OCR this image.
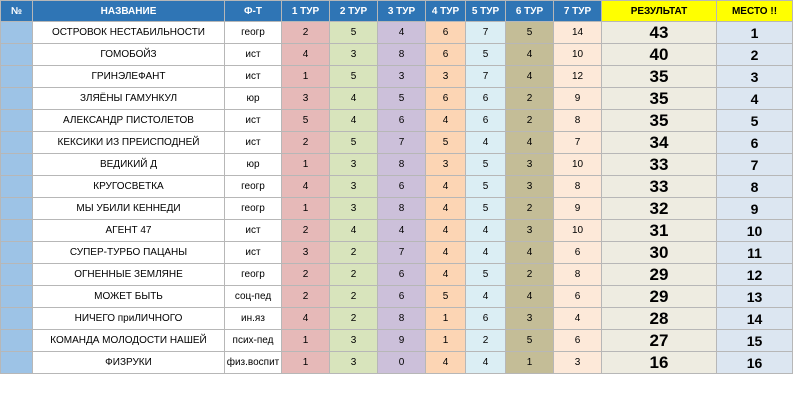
№	НАЗВАНИЕ	Ф-Т	1 ТУР	2 ТУР	3 ТУР	4 ТУР	5 ТУР	6 ТУР	7 ТУР	РЕЗУЛЬТАТ	МЕСТО !!
	ОСТРОВОК НЕСТАБИЛЬНОСТИ	геогр	2	5	4	6	7	5	14	43	1
	ГОМОБОЙЗ	ист	4	3	8	6	5	4	10	40	2
	ГРИНЭЛЕФАНТ	ист	1	5	3	3	7	4	12	35	3
	ЗЛЯЁНЫ ГАМУНКУЛ	юр	3	4	5	6	6	2	9	35	4
	АЛЕКСАНДР ПИСТОЛЕТОВ	ист	5	4	6	4	6	2	8	35	5
	КЕКСИКИ ИЗ ПРЕИСПОДНЕЙ	ист	2	5	7	5	4	4	7	34	6
	ВЕДИКИЙ Д	юр	1	3	8	3	5	3	10	33	7
	КРУГОСВЕТКА	геогр	4	3	6	4	5	3	8	33	8
	МЫ УБИЛИ КЕННЕДИ	геогр	1	3	8	4	5	2	9	32	9
	АГЕНТ 47	ист	2	4	4	4	4	3	10	31	10
	СУПЕР-ТУРБО ПАЦАНЫ	ист	3	2	7	4	4	4	6	30	11
	ОГНЕННЫЕ ЗЕМЛЯНЕ	геогр	2	2	6	4	5	2	8	29	12
	МОЖЕТ БЫТЬ	соц-пед	2	2	6	5	4	4	6	29	13
	НИЧЕГО приЛИЧНОГО	ин.яз	4	2	8	1	6	3	4	28	14
	КОМАНДА МОЛОДОСТИ НАШЕЙ	псих-пед	1	3	9	1	2	5	6	27	15
	ФИЗРУКИ	физ.воспит	1	3	0	4	4	1	3	16	16
